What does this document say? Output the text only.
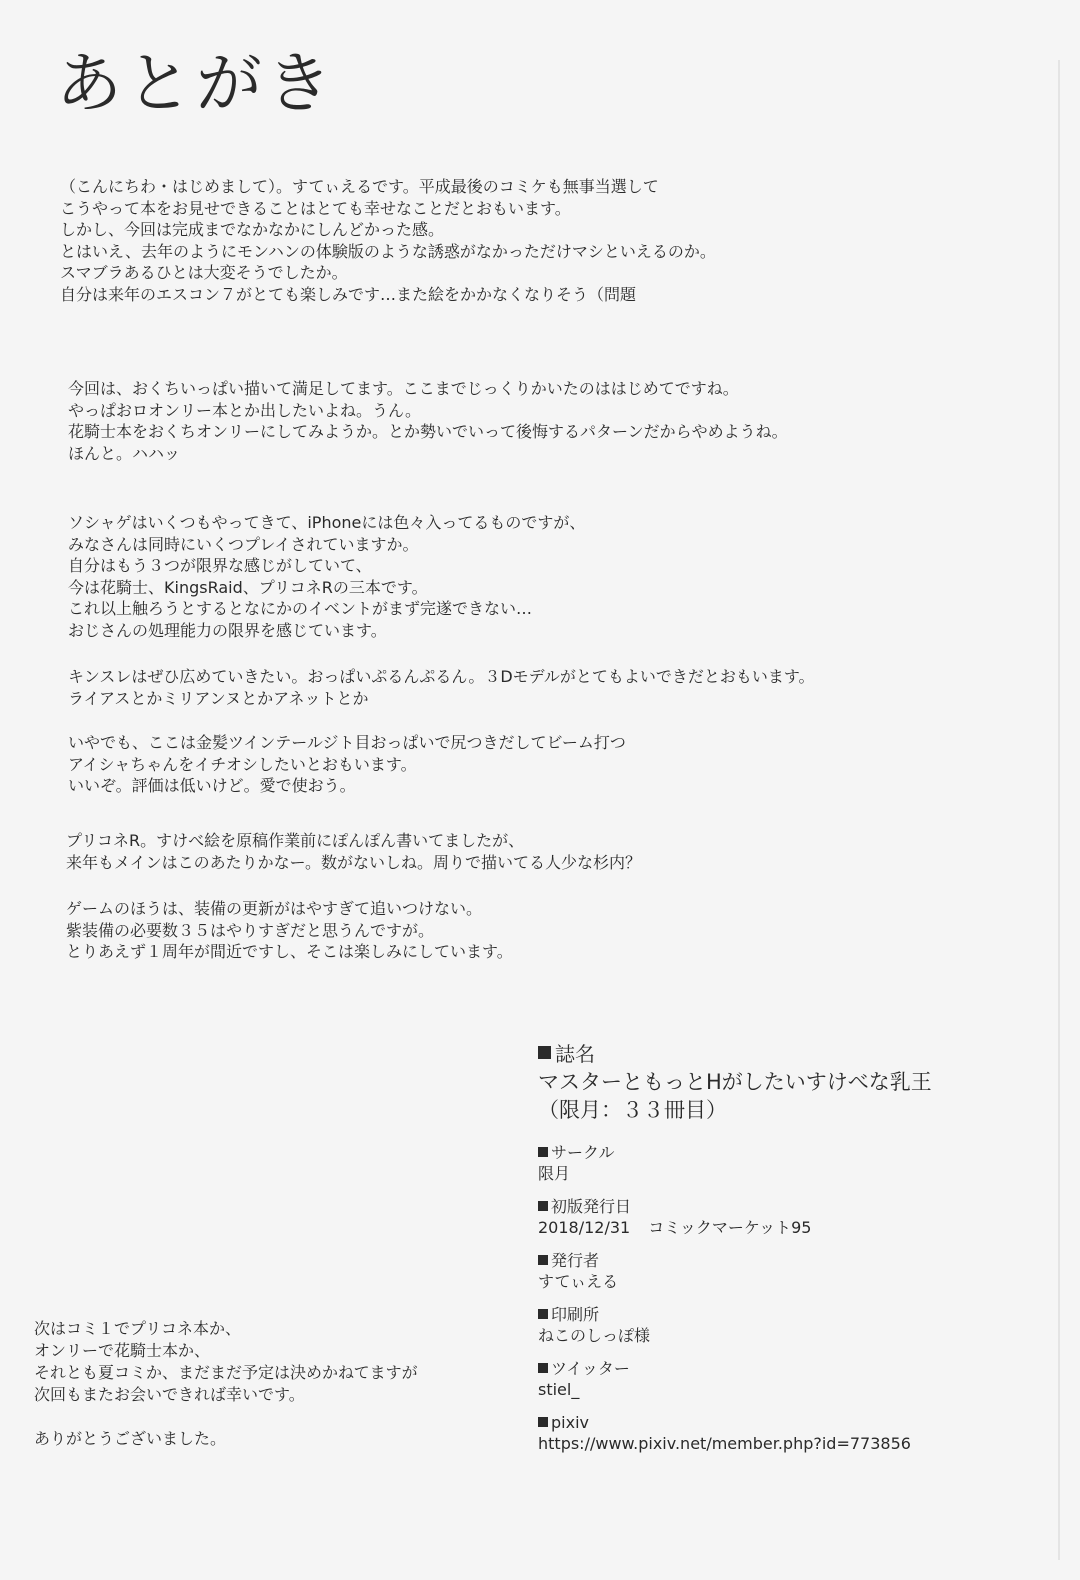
あとがき
（こんにちわ・はじめまして）。すてぃえるです。平成最後のコミケも無事当選して
こうやって本をお見せできることはとても幸せなことだとおもいます。
しかし、今回は完成までなかなかにしんどかった感。
とはいえ、去年のようにモンハンの体験版のような誘惑がなかっただけマシといえるのか。
スマブラあるひとは大変そうでしたか。
自分は来年のエスコン７がとても楽しみです…また絵をかかなくなりそう（問題
今回は、おくちいっぱい描いて満足してます。ここまでじっくりかいたのははじめてですね。
やっぱおロオンリー本とか出したいよね。うん。
花騎士本をおくちオンリーにしてみようか。とか勢いでいって後悔するパターンだからやめようね。
ほんと。ハハッ
ソシャゲはいくつもやってきて、iPhoneには色々入ってるものですが、
みなさんは同時にいくつプレイされていますか。
自分はもう３つが限界な感じがしていて、
今は花騎士、KingsRaid、プリコネRの三本です。
これ以上触ろうとするとなにかのイベントがまず完遂できない…
おじさんの処理能力の限界を感じています。
キンスレはぜひ広めていきたい。おっぱいぷるんぷるん。３Dモデルがとてもよいできだとおもいます。
ライアスとかミリアンヌとかアネットとか
いやでも、ここは金髪ツインテールジト目おっぱいで尻つきだしてビーム打つ
アイシャちゃんをイチオシしたいとおもいます。
いいぞ。評価は低いけど。愛で使おう。
プリコネR。すけべ絵を原稿作業前にぽんぽん書いてましたが、
来年もメインはこのあたりかなー。数がないしね。周りで描いてる人少な杉内？
ゲームのほうは、装備の更新がはやすぎて追いつけない。
紫装備の必要数３５はやりすぎだと思うんですが。
とりあえず１周年が間近ですし、そこは楽しみにしています。
次はコミ１でプリコネ本か、
オンリーで花騎士本か、
それとも夏コミか、まだまだ予定は決めかねてますが
次回もまたお会いできれば幸いです。
ありがとうございました。
誌名
マスターともっとHがしたいすけべな乳王
（限月：３３冊目）
サークル
限月
初版発行日
2018/12/31 コミックマーケット95
発行者
すてぃえる
印刷所
ねこのしっぽ様
ツイッター
stiel_
pixiv
https://www.pixiv.net/member.php?id=773856
